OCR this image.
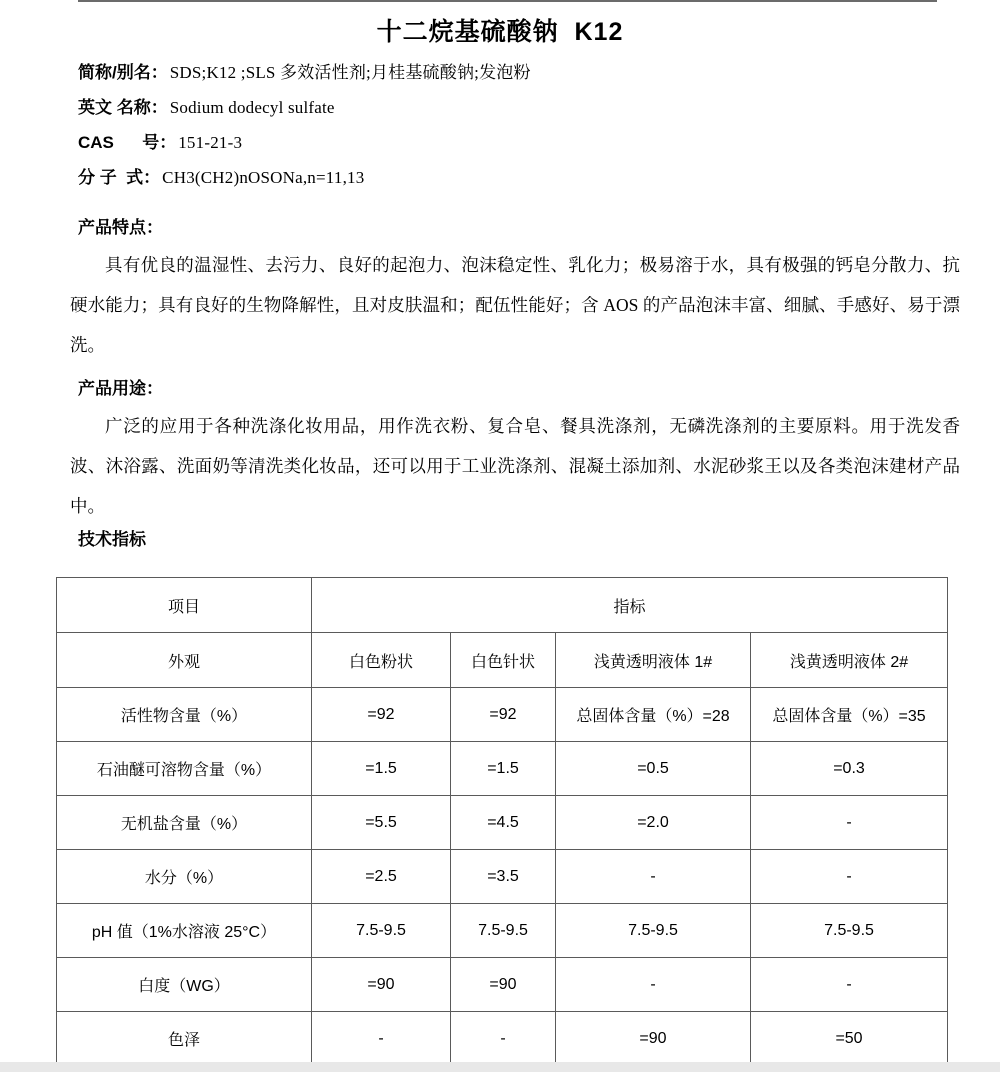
十二烷基硫酸钠  K12
简称/别名 ： SDS;K12 ;SLS 多效活性剂;月桂基硫酸钠;发泡粉
英文 名称 ： Sodium dodecyl sulfate
CAS      号 ： 151-21-3
分 子  式 ： CH3(CH2)nOSONa,n=11,13
产品特点：
具有优良的温湿性、去污力、良好的起泡力、泡沫稳定性、乳化力；极易溶于水，具有极强的钙皂分散力、抗硬水能力；具有良好的生物降解性，且对皮肤温和；配伍性能好；含 AOS 的产品泡沫丰富、细腻、手感好、易于漂洗。
产品用途：
广泛的应用于各种洗涤化妆用品，用作洗衣粉、复合皂、餐具洗涤剂，无磷洗涤剂的主要原料。用于洗发香波、沐浴露、洗面奶等清洗类化妆品，还可以用于工业洗涤剂、混凝土添加剂、水泥砂浆王以及各类泡沫建材产品中。
技术指标
项目	指标			
外观	白色粉状	白色针状	浅黄透明液体 1#	浅黄透明液体 2#
活性物含量（%）	=92	=92	总固体含量（%）=28	总固体含量（%）=35
石油醚可溶物含量（%）	=1.5	=1.5	=0.5	=0.3
无机盐含量（%）	=5.5	=4.5	=2.0	-
水分（%）	=2.5	=3.5	-	-
pH 值（1%水溶液 25°C）	7.5-9.5	7.5-9.5	7.5-9.5	7.5-9.5
白度（WG）	=90	=90	-	-
色泽	-	-	=90	=50
